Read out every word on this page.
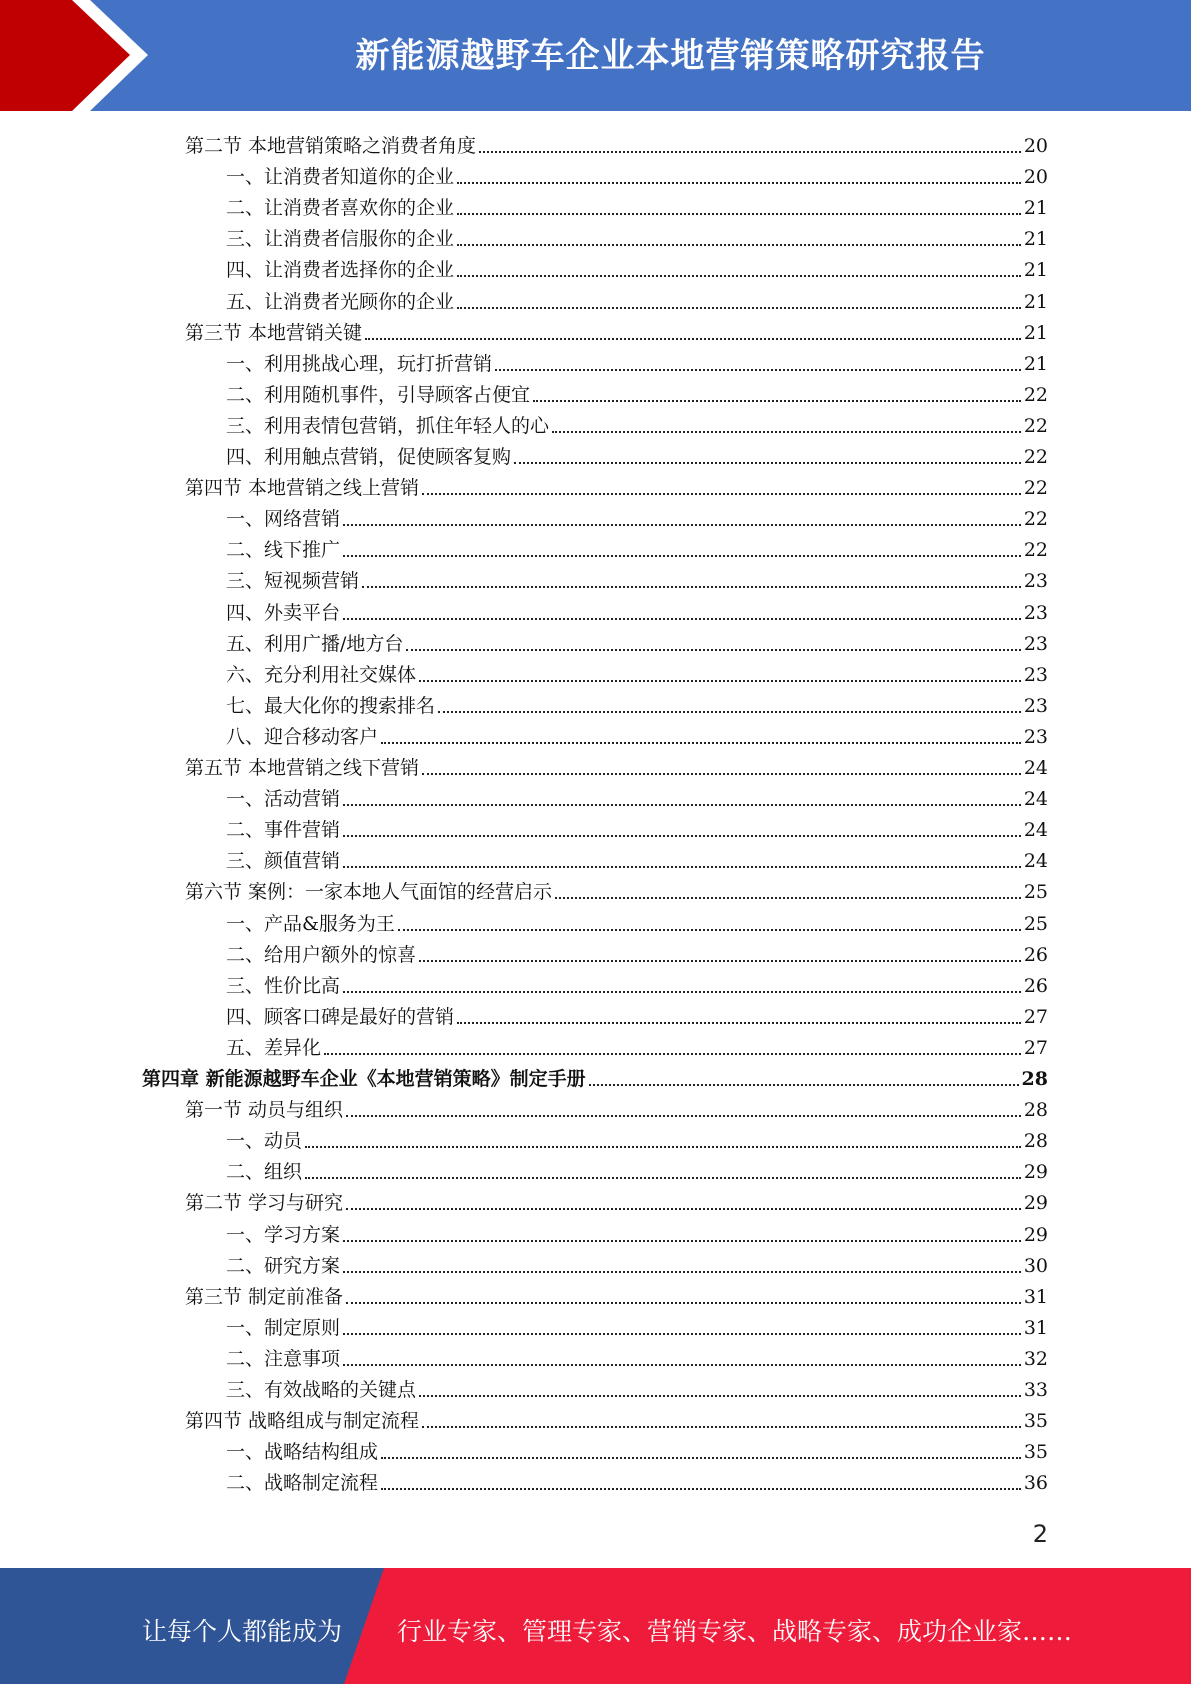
新能源越野车企业本地营销策略研究报告
第二节 本地营销策略之消费者角度	20
一、让消费者知道你的企业	20
二、让消费者喜欢你的企业	21
三、让消费者信服你的企业	21
四、让消费者选择你的企业	21
五、让消费者光顾你的企业	21
第三节 本地营销关键	21
一、利用挑战心理，玩打折营销	21
二、利用随机事件，引导顾客占便宜	22
三、利用表情包营销，抓住年轻人的心	22
四、利用触点营销，促使顾客复购	22
第四节 本地营销之线上营销	22
一、网络营销	22
二、线下推广	22
三、短视频营销	23
四、外卖平台	23
五、利用广播/地方台	23
六、充分利用社交媒体	23
七、最大化你的搜索排名	23
八、迎合移动客户	23
第五节 本地营销之线下营销	24
一、活动营销	24
二、事件营销	24
三、颜值营销	24
第六节 案例：一家本地人气面馆的经营启示	25
一、产品&服务为王	25
二、给用户额外的惊喜	26
三、性价比高	26
四、顾客口碑是最好的营销	27
五、差异化	27
第四章 新能源越野车企业《本地营销策略》制定手册	28
第一节 动员与组织	28
一、动员	28
二、组织	29
第二节 学习与研究	29
一、学习方案	29
二、研究方案	30
第三节 制定前准备	31
一、制定原则	31
二、注意事项	32
三、有效战略的关键点	33
第四节 战略组成与制定流程	35
一、战略结构组成	35
二、战略制定流程	36
2
让每个人都能成为 行业专家、管理专家、营销专家、战略专家、成功企业家……
